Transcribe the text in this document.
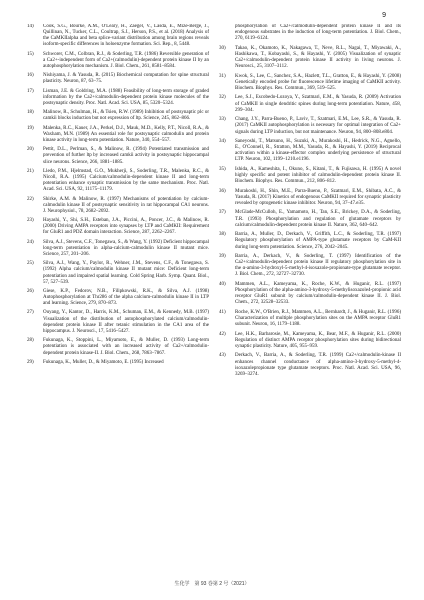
9
14)	Cook, S.G., Bourke, A.M., O'Leary, H., Zaegel, V., Lasda, E., Mize-Berge, J., Quillinan, N., Tucker, C.L., Coultrap, S.J., Herson, P.S., et al. (2018) Analysis of the CaMKIIalpha and beta splice-variant distribution among brain regions reveals isoform-specific differences in holoenzyme formation. Sci. Rep., 8, 5448.
15)	Schworer, C.M., Colbran, R.J., & Soderling, T.R. (1986) Reversible generation of a Ca2+-independent form of Ca2+(calmodulin)-dependent protein kinase II by an autophosphorylation mechanism. J. Biol. Chem., 261, 8581–8584.
16)	Nishiyama, J. & Yasuda, R. (2015) Biochemical computation for spine structural plasticity. Neuron, 87, 63–75.
17)	Lisman, J.E. & Goldring, M.A. (1988) Feasibility of long-term storage of graded information by the Ca2+/calmodulin-dependent protein kinase molecules of the postsynaptic density. Proc. Natl. Acad. Sci. USA, 85, 5320–5324.
18)	Malinow, R., Schulman, H., & Tsien, R.W. (1989) Inhibition of postsynaptic plc or camkii blocks induction but not expression of ltp. Science, 245, 862–866.
19)	Malenka, R.C., Kauer, J.A., Perkel, D.J., Mauk, M.D., Kelly, P.T., Nicoll, R.A., & Waxham, M.N. (1989) An essential role for postsynaptic calmodulin and protein kinase activity in long-term potentiation. Nature, 340, 554–557.
20)	Pettit, D.L., Perlman, S., & Malinow, R. (1994) Potentiated transmission and prevention of further ltp by increased camkii activity in postsynaptic hippocampal slice neurons. Science, 266, 1881–1885.
21)	Lledo, P.M., Hjelmstad, G.O., Mukherji, S., Soderling, T.R., Malenka, R.C., & Nicoll, R.A. (1995) Calcium/calmodulin-dependent kinase II and long-term potentiation enhance synaptic transmission by the same mechanism. Proc. Natl. Acad. Sci. USA, 92, 11175–11179.
22)	Shirke, A.M. & Malinow, R. (1997) Mechanisms of potentiation by calcium-calmodulin kinase II of postsynaptic sensitivity in rat hippocampal CA1 neurons. J. Neurophysiol., 78, 2682–2692.
23)	Hayashi, Y., Shi, S.H., Esteban, J.A., Piccini, A., Poncer, J.C., & Malinow, R. (2000) Driving AMPA receptors into synapses by LTP and CaMKII: Requirement for GluR1 and PDZ domain interaction. Science, 287, 2262–2267.
24)	Silva, A.J., Stevens, C.F., Tonegawa, S., & Wang, Y. (1992) Deficient hippocampal long-term potentiation in alpha-calcium-calmodulin kinase II mutant mice. Science, 257, 201–206.
25)	Silva, A.J., Wang, Y., Paylor, R., Wehner, J.M., Stevens, C.F., & Tonegawa, S. (1992) Alpha calcium/calmodulin kinase II mutant mice: Deficient long-term potentiation and impaired spatial learning. Cold Spring Harb. Symp. Quant. Biol., 57, 527–539.
26)	Giese, K.P., Fedorov, N.B., Filipkowski, R.K., & Silva, A.J. (1998) Autophosphorylation at Thr286 of the alpha calcium-calmodulin kinase II in LTP and learning. Science, 279, 870–873.
27)	Ouyang, Y., Kantor, D., Harris, K.M., Schuman, E.M., & Kennedy, M.B. (1997) Visualization of the distribution of autophosphorylated calcium/calmodulin-dependent protein kinase II after tetanic stimulation in the CA1 area of the hippocampus. J. Neurosci., 17, 5416–5427.
28)	Fukunaga, K., Stoppini, L., Miyamoto, E., & Muller, D. (1993) Long-term potentiation is associated with an increased activity of Ca2+/calmodulin-dependent protein kinase-II. J. Biol. Chem., 268, 7863–7867.
29)	Fukunaga, K., Muller, D., & Miyamoto, E. (1995) Increased
phosphorylation of Ca2+/calmodulin-dependent protein kinase II and its endogenous substrates in the induction of long-term potentiation. J. Biol. Chem., 270, 6119–6124.
30)	Takao, K., Okamoto, K., Nakagawa, T., Neve, R.L., Nagai, T., Miyawaki, A., Hashikawa, T., Kobayashi, S., & Hayashi, Y. (2005) Visualization of synaptic Ca2+/calmodulin-dependent protein kinase II activity in living neurons. J. Neurosci., 25, 3107–3112.
31)	Kwok, S., Lee, C., Sanchez, S.A., Hazlett, T.L., Gratton, E., & Hayashi, Y. (2008) Genetically encoded probe for fluorescence lifetime imaging of CaMKII activity. Biochem. Biophys. Res. Commun., 369, 519–525.
32)	Lee, S.J., Escobedo-Lozoya, Y., Szatmari, E.M., & Yasuda, R. (2009) Activation of CaMKII in single dendritic spines during long-term potentiation. Nature, 458, 299–304.
33)	Chang, J.Y., Parra-Bueno, P., Laviv, T., Szatmari, E.M., Lee, S.R., & Yasuda, R. (2017) CaMKII autophosphorylation is necessary for optimal integration of Ca2+ signals during LTP induction, but not maintenance. Neuron, 94, 800–808.e804.
34)	Saneyoshi, T., Matsuno, H., Suzuki, A., Murakoshi, H., Hedrick, N.G., Agnello, E., O'Connell, R., Stratton, M.M., Yasuda, R., & Hayashi, Y. (2019) Reciprocal activation within a kinase-effector complex underlying persistence of structural LTP. Neuron, 102, 1199–1210.e1196.
35)	Ishida, A., Kameshita, I., Okuno, S., Kitani, T., & Fujisawa, H. (1995) A novel highly specific and potent inhibitor of calmodulin-dependent protein kinase II. Biochem. Biophys. Res. Commun., 212, 806–812.
36)	Murakoshi, H., Shin, M.E., Parra-Bueno, P., Szatmari, E.M., Shibata, A.C., & Yasuda, R. (2017) Kinetics of endogenous CaMKII required for synaptic plasticity revealed by optogenetic kinase inhibitor. Neuron, 94, 37–47.e35.
37)	McGlade-McCulloh, E., Yamamoto, H., Tan, S.E., Brickey, D.A., & Soderling, T.R. (1993) Phosphorylation and regulation of glutamate receptors by calcium/calmodulin-dependent protein kinase II. Nature, 362, 640–642.
38)	Barria, A., Muller, D., Derkach, V., Griffith, L.C., & Soderling, T.R. (1997) Regulatory phosphorylation of AMPA-type glutamate receptors by CaM-KII during long-term potentiation. Science, 276, 2042–2045.
39)	Barria, A., Derkach, V., & Soderling, T. (1997) Identification of the Ca2+/calmodulin-dependent protein kinase II regulatory phosphorylation site in the α-amino-3-hydroxyl-5-methyl-4-isoxazole-propionate-type glutamate receptor. J. Biol. Chem., 272, 32727–32730.
40)	Mammen, A.L., Kameyama, K., Roche, K.W., & Huganir, R.L. (1997) Phosphorylation of the alpha-amino-3-hydroxy-5-methylisoxazole4-propionic acid receptor GluR1 subunit by calcium/calmodulin-dependent kinase II. J. Biol. Chem., 272, 32528–32533.
41)	Roche, K.W., O'Brien, R.J., Mammen, A.L., Bernhardt, J., & Huganir, R.L. (1996) Characterization of multiple phosphorylation sites on the AMPA receptor GluR1 subunit. Neuron, 16, 1179–1188.
42)	Lee, H.K., Barbarosie, M., Kameyama, K., Bear, M.F., & Huganir, R.L. (2000) Regulation of distinct AMPA receptor phosphorylation sites during bidirectional synaptic plasticity. Nature, 405, 955–959.
43)	Derkach, V., Barria, A., & Soderling, T.R. (1999) Ca2+/calmodulin-kinase II enhances channel conductance of alpha-amino-3-hydroxy-5-methyl-4-isoxazolepropionate type glutamate receptors. Proc. Natl. Acad. Sci. USA, 96, 3269–3274.
生化学　第 93 巻第 2 号（2021）
